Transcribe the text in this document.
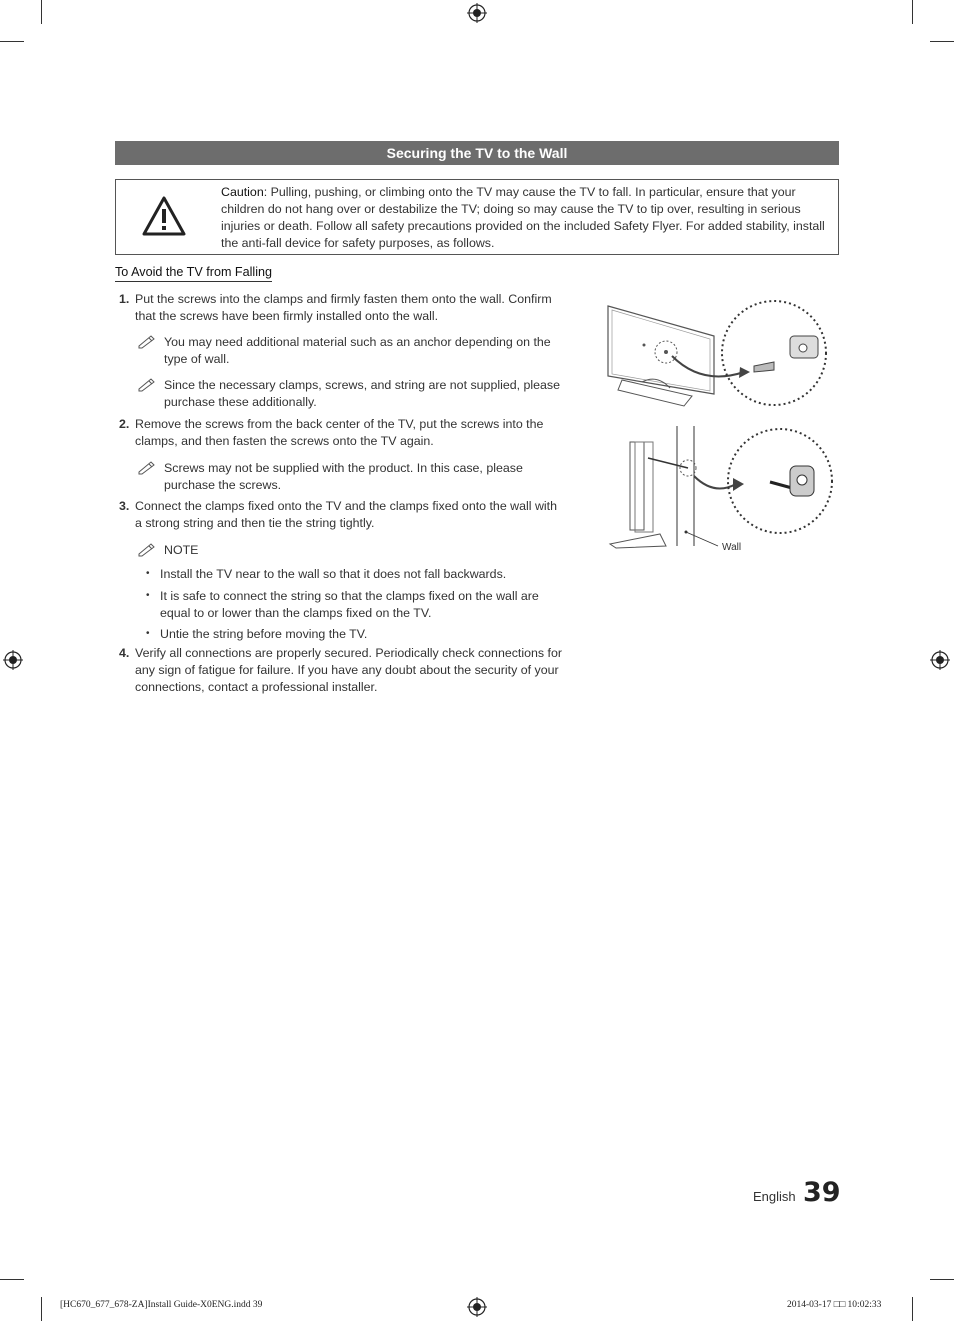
Securing the TV to the Wall
Caution: Pulling, pushing, or climbing onto the TV may cause the TV to fall. In particular, ensure that your children do not hang over or destabilize the TV; doing so may cause the TV to tip over, resulting in serious injuries or death. Follow all safety precautions provided on the included Safety Flyer. For added stability, install the anti-fall device for safety purposes, as follows.
To Avoid the TV from Falling
1. Put the screws into the clamps and firmly fasten them onto the wall. Confirm that the screws have been firmly installed onto the wall.
You may need additional material such as an anchor depending on the type of wall.
Since the necessary clamps, screws, and string are not supplied, please purchase these additionally.
2. Remove the screws from the back center of the TV, put the screws into the clamps, and then fasten the screws onto the TV again.
Screws may not be supplied with the product. In this case, please purchase the screws.
3. Connect the clamps fixed onto the TV and the clamps fixed onto the wall with a strong string and then tie the string tightly.
NOTE
• Install the TV near to the wall so that it does not fall backwards.
• It is safe to connect the string so that the clamps fixed on the wall are equal to or lower than the clamps fixed on the TV.
• Untie the string before moving the TV.
4. Verify all connections are properly secured. Periodically check connections for any sign of fatigue for failure. If you have any doubt about the security of your connections, contact a professional installer.
Wall
English 39
[HC670_677_678-ZA]Install Guide-X0ENG.indd 39	2014-03-17 □□ 10:02:33
